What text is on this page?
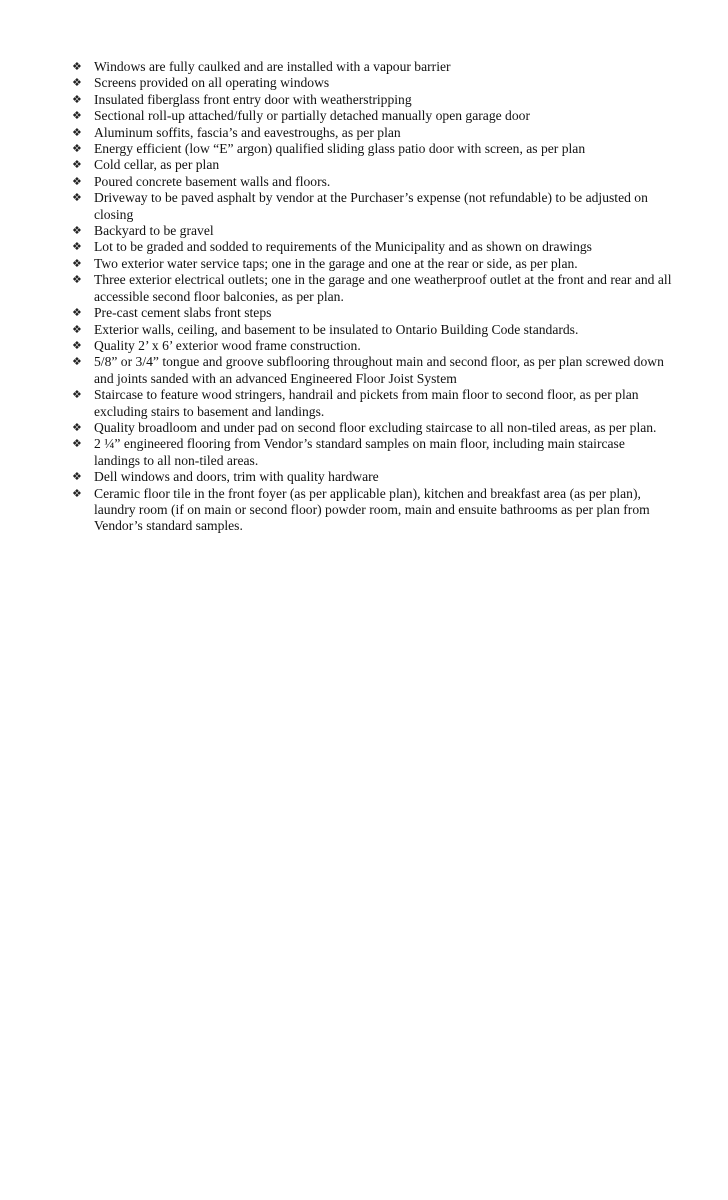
❖ Windows are fully caulked and are installed with a vapour barrier
❖ Screens provided on all operating windows
❖ Insulated fiberglass front entry door with weatherstripping
❖ Sectional roll-up attached/fully or partially detached manually open garage door
❖ Aluminum soffits, fascia’s and eavestroughs, as per plan
❖ Energy efficient (low “E” argon) qualified sliding glass patio door with screen, as per plan
❖ Cold cellar, as per plan
❖ Poured concrete basement walls and floors.
❖ Driveway to be paved asphalt by vendor at the Purchaser’s expense (not refundable) to be adjusted on closing
❖ Backyard to be gravel
❖ Lot to be graded and sodded to requirements of the Municipality and as shown on drawings
❖ Two exterior water service taps; one in the garage and one at the rear or side, as per plan.
❖ Three exterior electrical outlets; one in the garage and one weatherproof outlet at the front and rear and all accessible second floor balconies, as per plan.
❖ Pre-cast cement slabs front steps
❖ Exterior walls, ceiling, and basement to be insulated to Ontario Building Code standards.
❖ Quality 2’ x 6’ exterior wood frame construction.
❖ 5/8” or 3/4” tongue and groove subflooring throughout main and second floor, as per plan screwed down and joints sanded with an advanced Engineered Floor Joist System
❖ Staircase to feature wood stringers, handrail and pickets from main floor to second floor, as per plan excluding stairs to basement and landings.
❖ Quality broadloom and under pad on second floor excluding staircase to all non-tiled areas, as per plan.
❖ 2 ¼” engineered flooring from Vendor’s standard samples on main floor, including main staircase landings to all non-tiled areas.
❖ Dell windows and doors, trim with quality hardware
❖ Ceramic floor tile in the front foyer (as per applicable plan), kitchen and breakfast area (as per plan), laundry room (if on main or second floor) powder room, main and ensuite bathrooms as per plan from Vendor’s standard samples.
